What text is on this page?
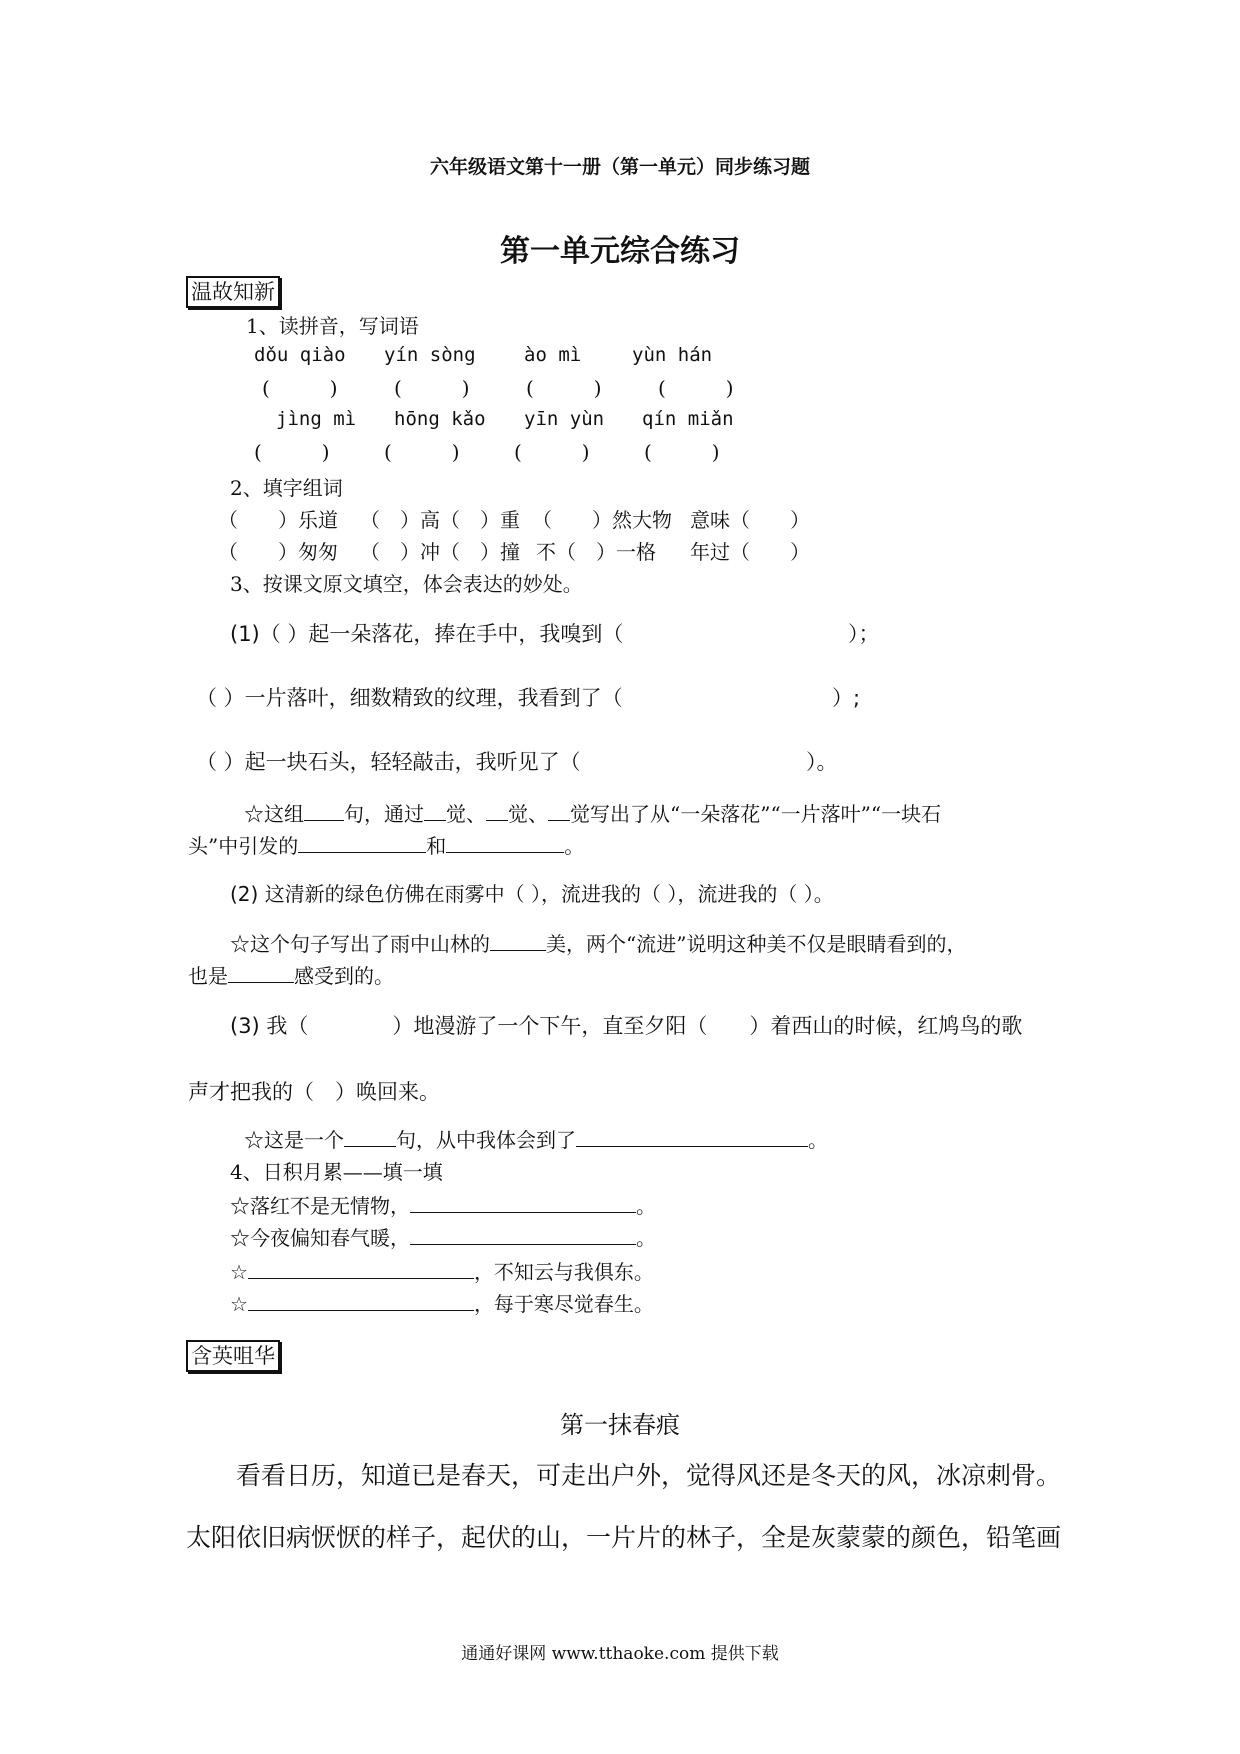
六年级语文第十一册（第一单元）同步练习题
第一单元综合练习
温故知新
1、读拼音，写词语
dǒu qiào yín sòng	ào mì	yùn hán
(　　　)	(　　　)	(　　　)	(　　　)
jìng mì hōng kǎo yīn yùn qín miǎn
(　　　)	(　　　)	(　　　)	(　　　)
2、填字组词
（　　）乐道 （　）高（　）重 （　　）然大物 意味（　　）
（　　）匆匆 （　）冲（　）撞 不（　）一格 年过（　　）
3、按课文原文填空，体会表达的妙处。
(1)（ ）起一朵落花，捧在手中，我嗅到（	）；
（ ）一片落叶，细数精致的纹理，我看到了（	）;
（ ）起一块石头，轻轻敲击，我听见了（	）。
☆这组 句，通过 觉、 觉、 觉写出了从“一朵落花”“一片落叶”“一块石
头”中引发的	和	。
(2) 这清新的绿色仿佛在雨雾中（ ），流进我的（ ），流进我的（ ）。
☆这个句子写出了雨中山林的	美，两个“流进”说明这种美不仅是眼睛看到的，
也是	感受到的。
(3) 我（　　　　）地漫游了一个下午，直至夕阳（　　）着西山的时候，红鸠鸟的歌
声才把我的（　）唤回来。
☆这是一个	句，从中我体会到了	。
4、日积月累——填一填
☆落红不是无情物，	。
☆今夜偏知春气暖，	。
☆	，不知云与我俱东。
☆	，每于寒尽觉春生。
含英咀华
第一抹春痕
看看日历，知道已是春天，可走出户外，觉得风还是冬天的风，冰凉刺骨。
太阳依旧病恹恹的样子，起伏的山，一片片的林子，全是灰蒙蒙的颜色，铅笔画
通通好课网 www.tthaoke.com 提供下载
